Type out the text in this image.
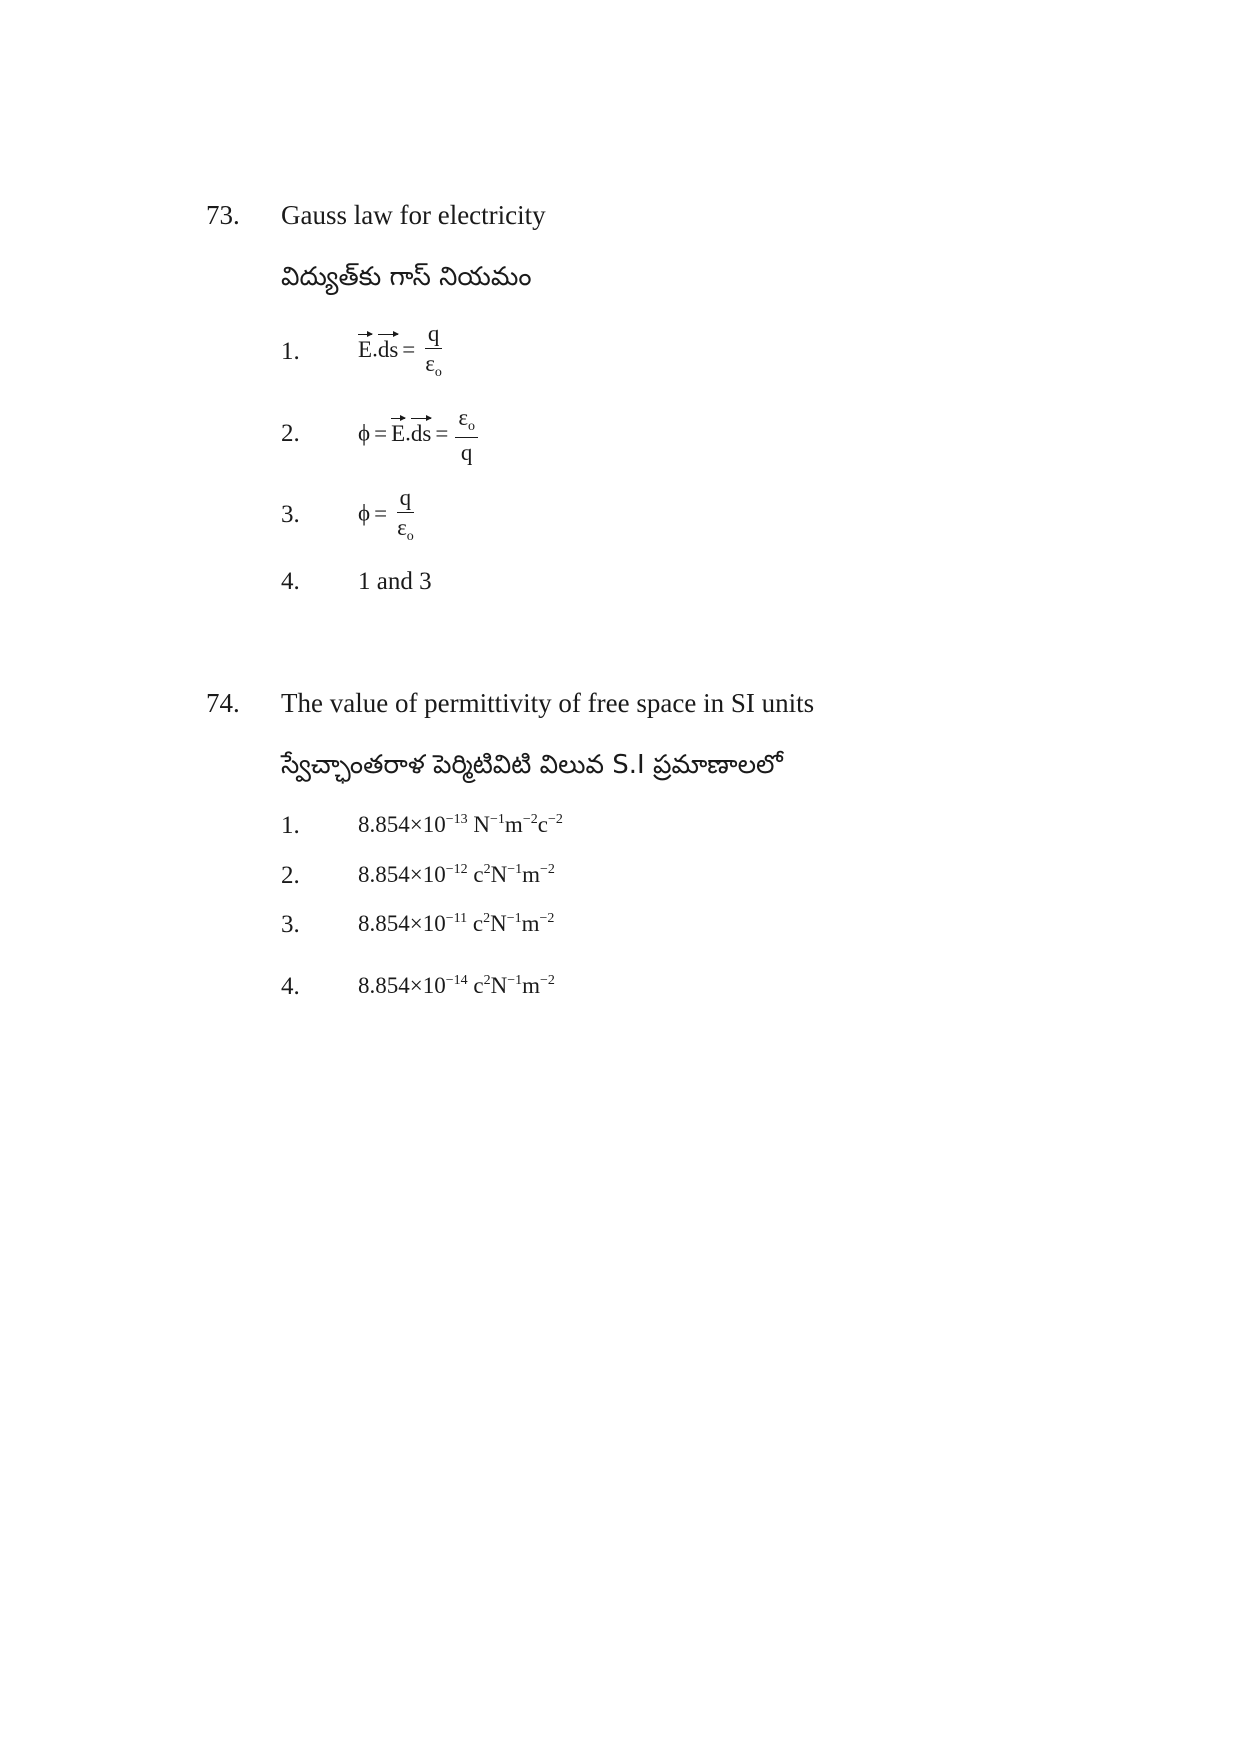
73. Gauss law for electricity
విద్యుత్‌కు గాస్ నియమం
1.	$E.ds = \frac{q}{\varepsilon_o}$
2.	$\phi = E.ds = \frac{\varepsilon_o}{q}$
3.	$\phi = \frac{q}{\varepsilon_o}$
4. 1 and 3
74. The value of permittivity of free space in SI units
స్వేచ్ఛాంతరాళ పెర్మిటివిటి విలువ S.I ప్రమాణాలలో
1.	$8.854\times 10^{-13}$ $N^{-1}m^{-2}c^{-2}$
2.	$8.854\times 10^{-12}$ $c^2N^{-1}m^{-2}$
3.	$8.854\times 10^{-11}$ $c^2N^{-1}m^{-2}$
4.	$8.854\times 10^{-14}$ $c^2N^{-1}m^{-2}$
